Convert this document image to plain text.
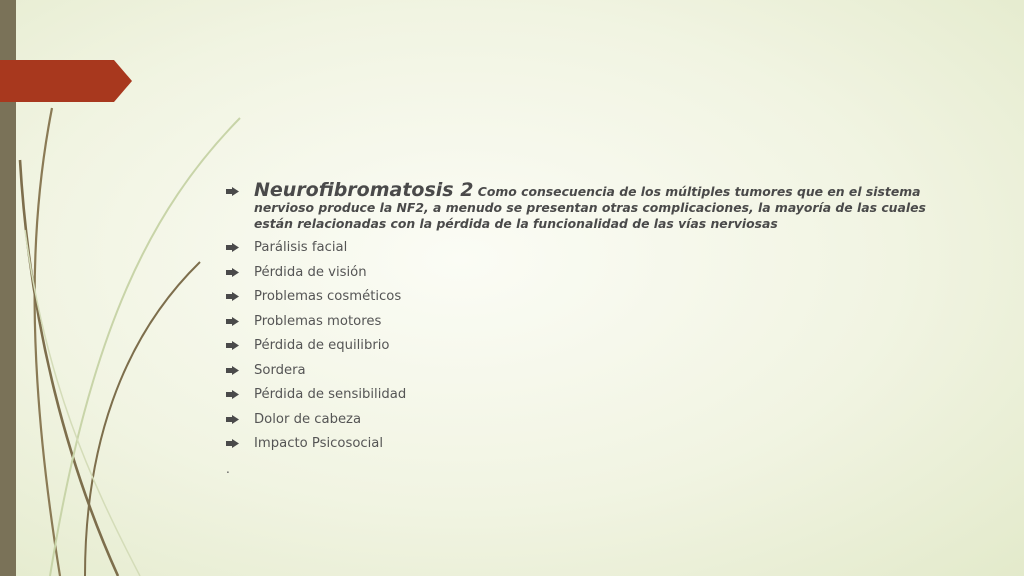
Neurofibromatosis 2 Como consecuencia de los múltiples tumores que en el sistema nervioso produce la NF2, a menudo se presentan otras complicaciones, la mayoría de las cuales están relacionadas con la pérdida de la funcionalidad de las vías nerviosas
Parálisis facial
Pérdida de visión
Problemas cosméticos
Problemas motores
Pérdida de equilibrio
Sordera
Pérdida de sensibilidad
Dolor de cabeza
Impacto Psicosocial
.
